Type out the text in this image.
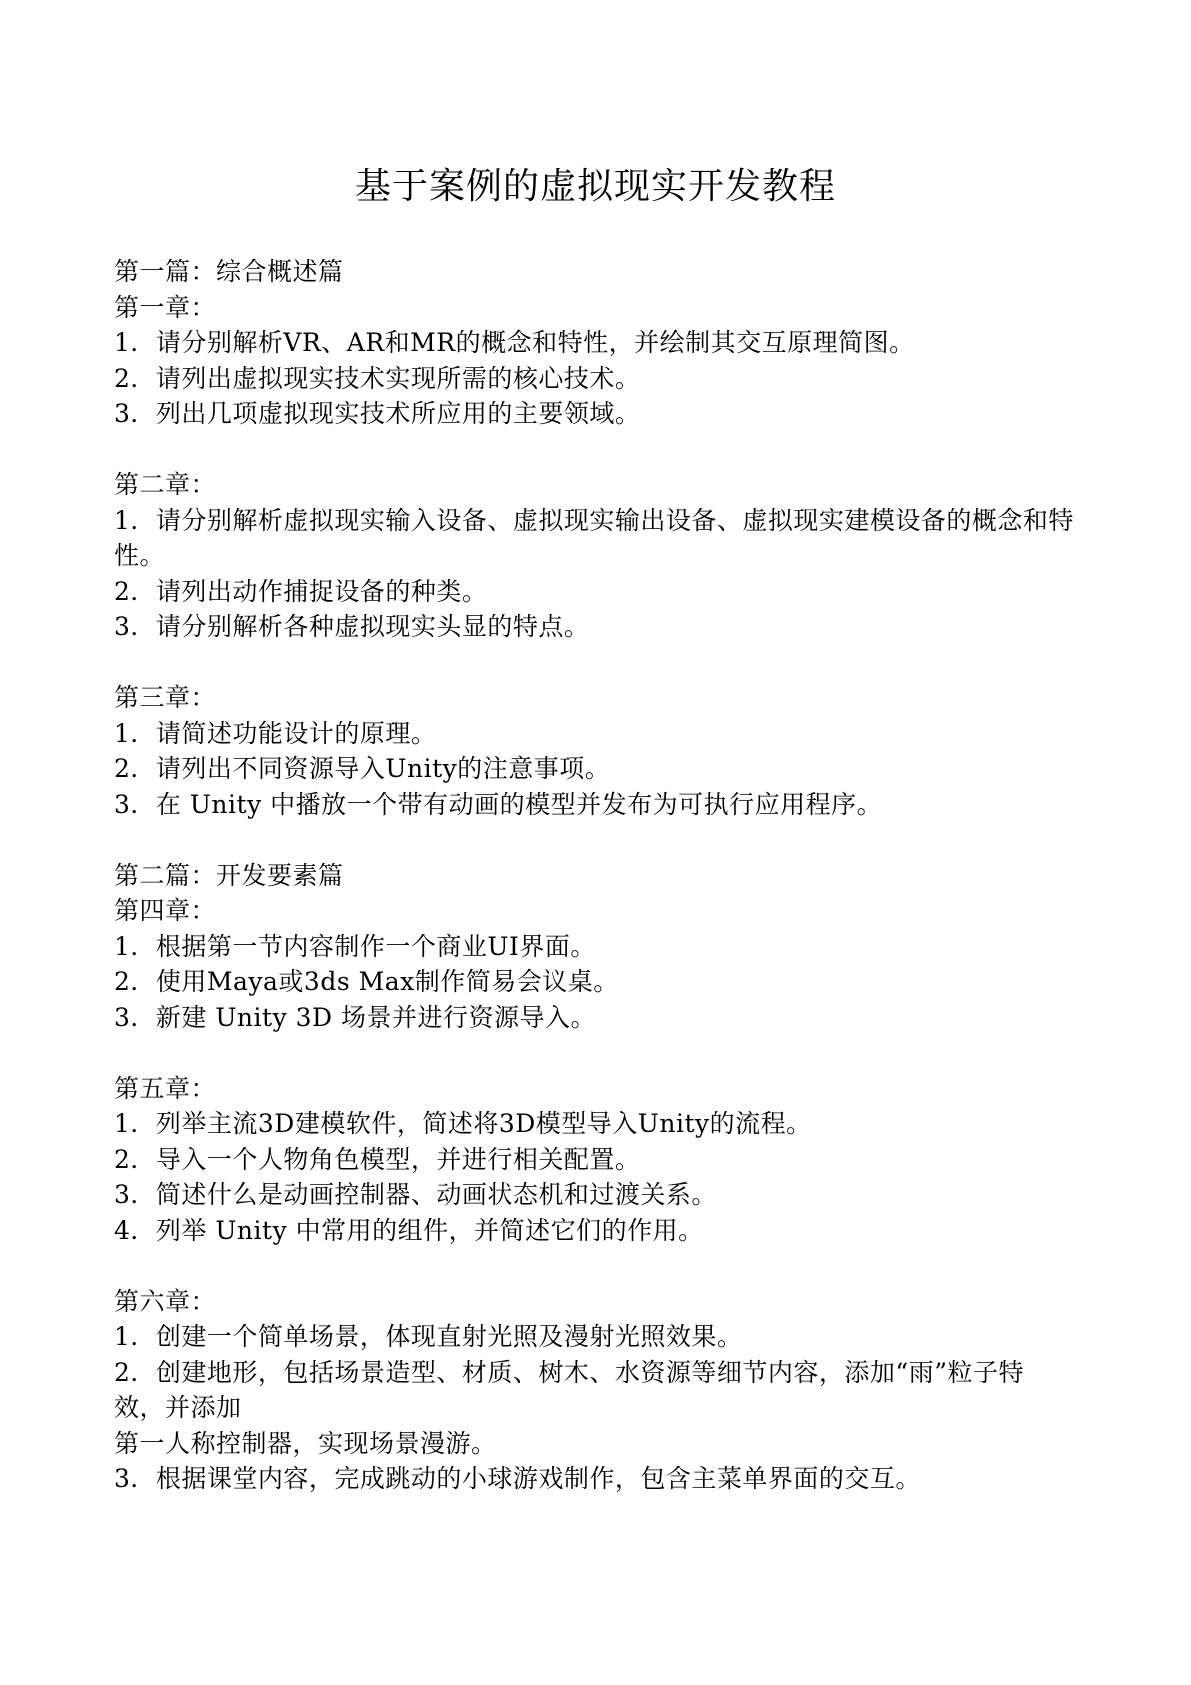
基于案例的虚拟现实开发教程

第一篇：综合概述篇

第一章：

1．请分别解析VR、AR和MR的概念和特性，并绘制其交互原理简图。

2．请列出虚拟现实技术实现所需的核心技术。

3．列出几项虚拟现实技术所应用的主要领域。

第二章：

1．请分别解析虚拟现实输入设备、虚拟现实输出设备、虚拟现实建模设备的概念和特性。

2．请列出动作捕捉设备的种类。

3．请分别解析各种虚拟现实头显的特点。

第三章：

1．请简述功能设计的原理。

2．请列出不同资源导入Unity的注意事项。

3．在 Unity 中播放一个带有动画的模型并发布为可执行应用程序。

第二篇：开发要素篇

第四章：

1．根据第一节内容制作一个商业UI界面。

2．使用Maya或3ds Max制作简易会议桌。

3．新建 Unity 3D 场景并进行资源导入。

第五章：

1．列举主流3D建模软件，简述将3D模型导入Unity的流程。

2．导入一个人物角色模型，并进行相关配置。

3．简述什么是动画控制器、动画状态机和过渡关系。

4．列举 Unity 中常用的组件，并简述它们的作用。

第六章：

1．创建一个简单场景，体现直射光照及漫射光照效果。

2．创建地形，包括场景造型、材质、树木、水资源等细节内容，添加“雨”粒子特效，并添加

第一人称控制器，实现场景漫游。

3．根据课堂内容，完成跳动的小球游戏制作，包含主菜单界面的交互。
